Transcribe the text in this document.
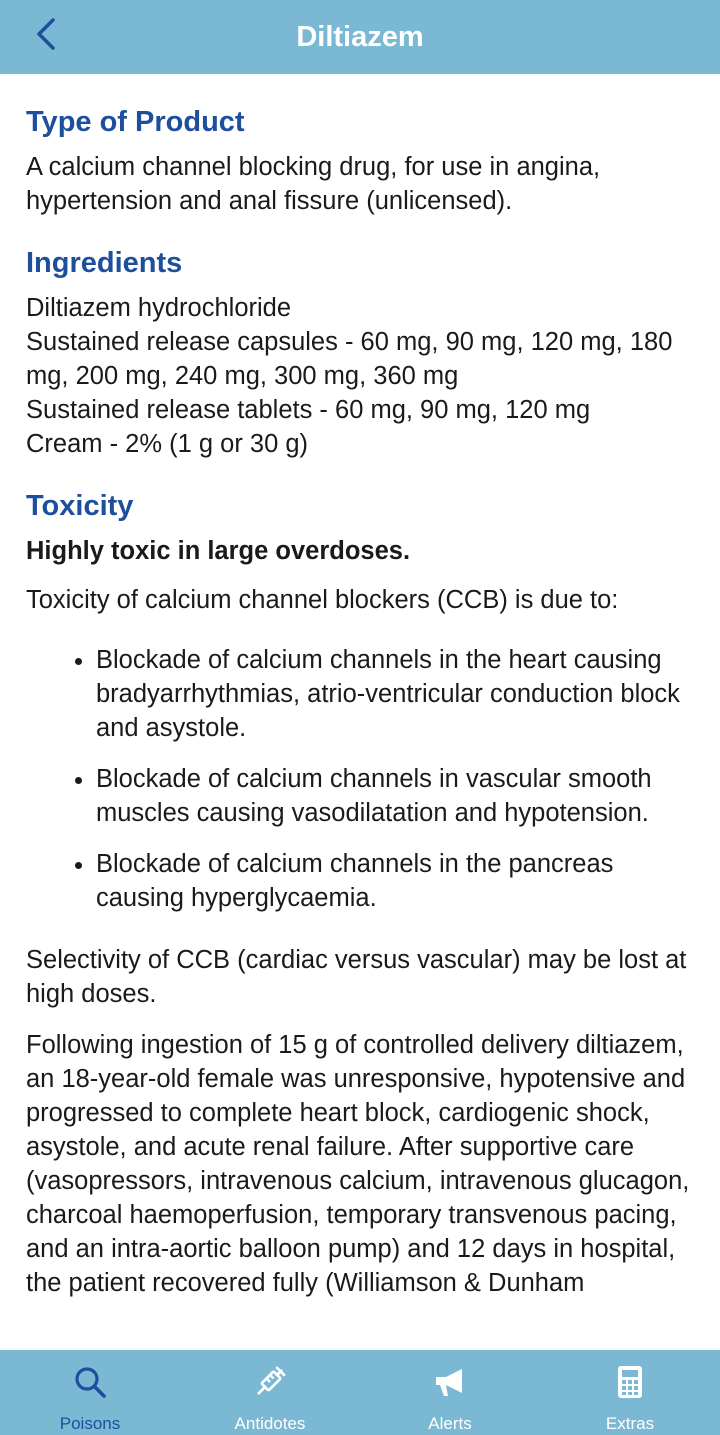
Diltiazem
Type of Product

A calcium channel blocking drug, for use in angina, hypertension and anal fissure (unlicensed).

Ingredients
Diltiazem hydrochloride
Sustained release capsules - 60 mg, 90 mg, 120 mg, 180 mg, 200 mg, 240 mg, 300 mg, 360 mg
Sustained release tablets - 60 mg, 90 mg, 120 mg
Cream - 2% (1 g or 30 g)
Toxicity

Highly toxic in large overdoses.

Toxicity of calcium channel blockers (CCB) is due to:

• Blockade of calcium channels in the heart causing bradyarrhythmias, atrio-ventricular conduction block and asystole.
• Blockade of calcium channels in vascular smooth muscles causing vasodilatation and hypotension.
• Blockade of calcium channels in the pancreas causing hyperglycaemia.

Selectivity of CCB (cardiac versus vascular) may be lost at high doses.

Following ingestion of 15 g of controlled delivery diltiazem, an 18-year-old female was unresponsive, hypotensive and progressed to complete heart block, cardiogenic shock, asystole, and acute renal failure. After supportive care (vasopressors, intravenous calcium, intravenous glucagon, charcoal haemoperfusion, temporary transvenous pacing, and an intra-aortic balloon pump) and 12 days in hospital, the patient recovered fully (Williamson & Dunham

Poisons	Antidotes	Alerts	Extras
